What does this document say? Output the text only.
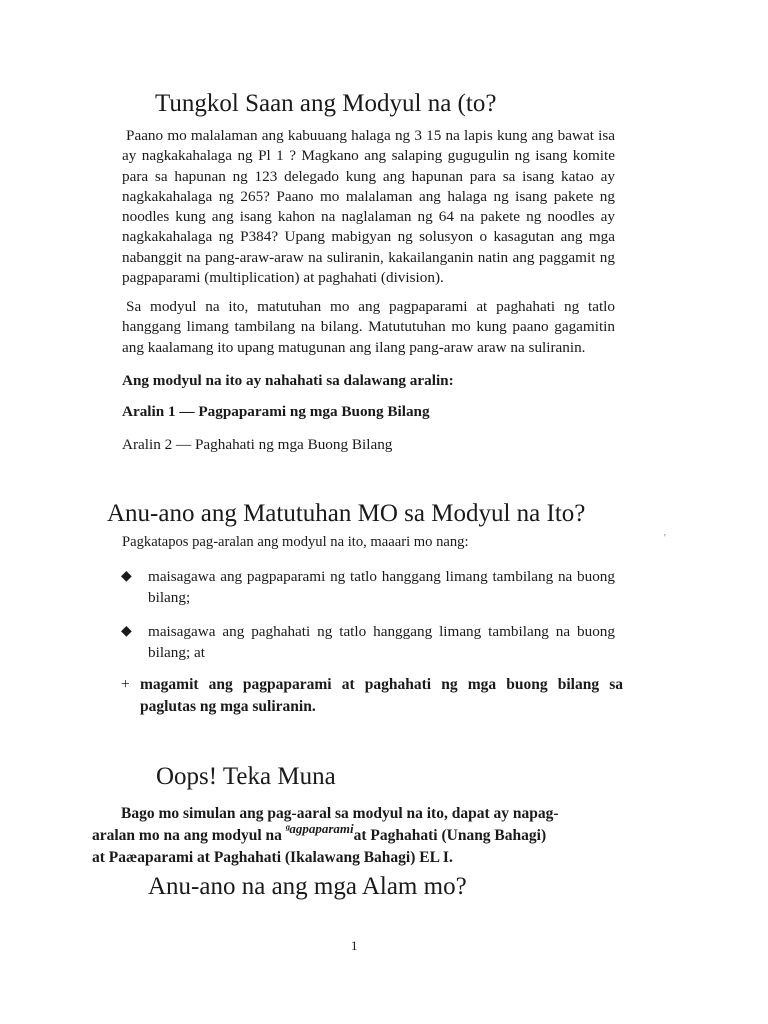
Tungkol Saan ang Modyul na (to?
Paano mo malalaman ang kabuuang halaga ng 3 15 na lapis kung ang bawat isa ay nagkakahalaga ng Pl 1 ? Magkano ang salaping gugugulin ng isang komite para sa hapunan ng 123 delegado kung ang hapunan para sa isang katao ay nagkakahalaga ng 265? Paano mo malalaman ang halaga ng isang pakete ng noodles kung ang isang kahon na naglalaman ng 64 na pakete ng noodles ay nagkakahalaga ng P384? Upang mabigyan ng solusyon o kasagutan ang mga nabanggit na pang-araw-araw na suliranin, kakailanganin natin ang paggamit ng pagpaparami (multiplication) at paghahati (division).
Sa modyul na ito, matutuhan mo ang pagpaparami at paghahati ng tatlo hanggang limang tambilang na bilang. Matututuhan mo kung paano gagamitin ang kaalamang ito upang matugunan ang ilang pang-araw araw na suliranin.
Ang modyul na ito ay nahahati sa dalawang aralin:
Aralin 1 — Pagpaparami ng mga Buong Bilang
Aralin 2 — Paghahati ng mga Buong Bilang
Anu-ano ang Matutuhan MO sa Modyul na Ito?
Pagkatapos pag-aralan ang modyul na ito, maaari mo nang:	'
◆ maisagawa ang pagpaparami ng tatlo hanggang limang tambilang na buong bilang;
◆ maisagawa ang paghahati ng tatlo hanggang limang tambilang na buong bilang; at
+ magamit ang pagpaparami at paghahati ng mga buong bilang sa paglutas ng mga suliranin.
Oops! Teka Muna
Bago mo simulan ang pag-aaral sa modyul na ito, dapat ay napag-
aralan mo na ang modyul na $^{ᶢagpaparami}$at Paghahati (Unang Bahagi)
at Paæaparami at Paghahati (Ikalawang Bahagi) EL I.
Anu-ano na ang mga Alam mo?
1
